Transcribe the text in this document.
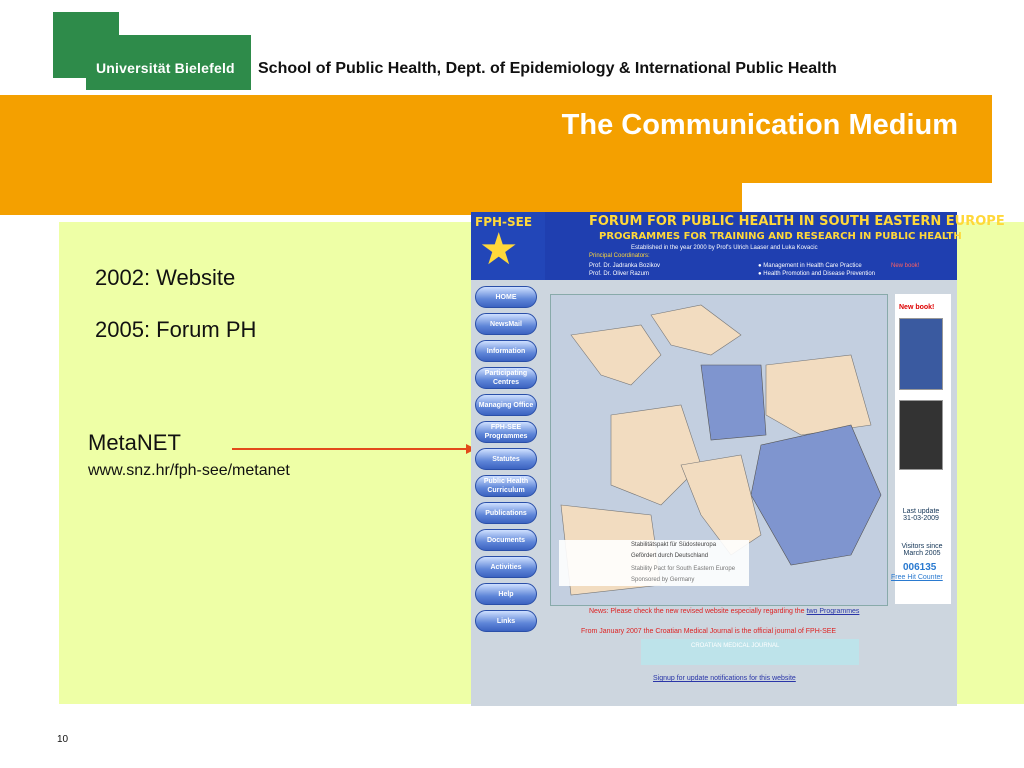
Universität Bielefeld School of Public Health, Dept. of Epidemiology & International Public Health
The Communication Medium
2002: Website
2005: Forum PH
MetaNET
www.snz.hr/fph-see/metanet
FPH-SEE
★
FORUM FOR PUBLIC HEALTH IN SOUTH EASTERN EUROPE
PROGRAMMES FOR TRAINING AND RESEARCH IN PUBLIC HEALTH
Established in the year 2000 by Prof's Ulrich Laaser and Luka Kovacic
Principal Coordinators:
Prof. Dr. Jadranka Bozikov
Prof. Dr. Oliver Razum
● Management in Health Care Practice	New book!
● Health Promotion and Disease Prevention
HOME
NewsMail
Information
Participating Centres
Managing Office
FPH-SEE Programmes
Statutes
Public Health Curriculum
Publications
Documents
Activities
Help
Links
Stabilitätspakt für Südosteuropa
Gefördert durch Deutschland
Stability Pact for South Eastern Europe
Sponsored by Germany
New book!
Last update
31-03-2009
Visitors since March 2005
006135
Free Hit Counter
News: Please check the new revised website especially regarding the two Programmes
From January 2007 the Croatian Medical Journal is the official journal of FPH-SEE
CROATIAN MEDICAL JOURNAL
Signup for update notifications for this website
10
